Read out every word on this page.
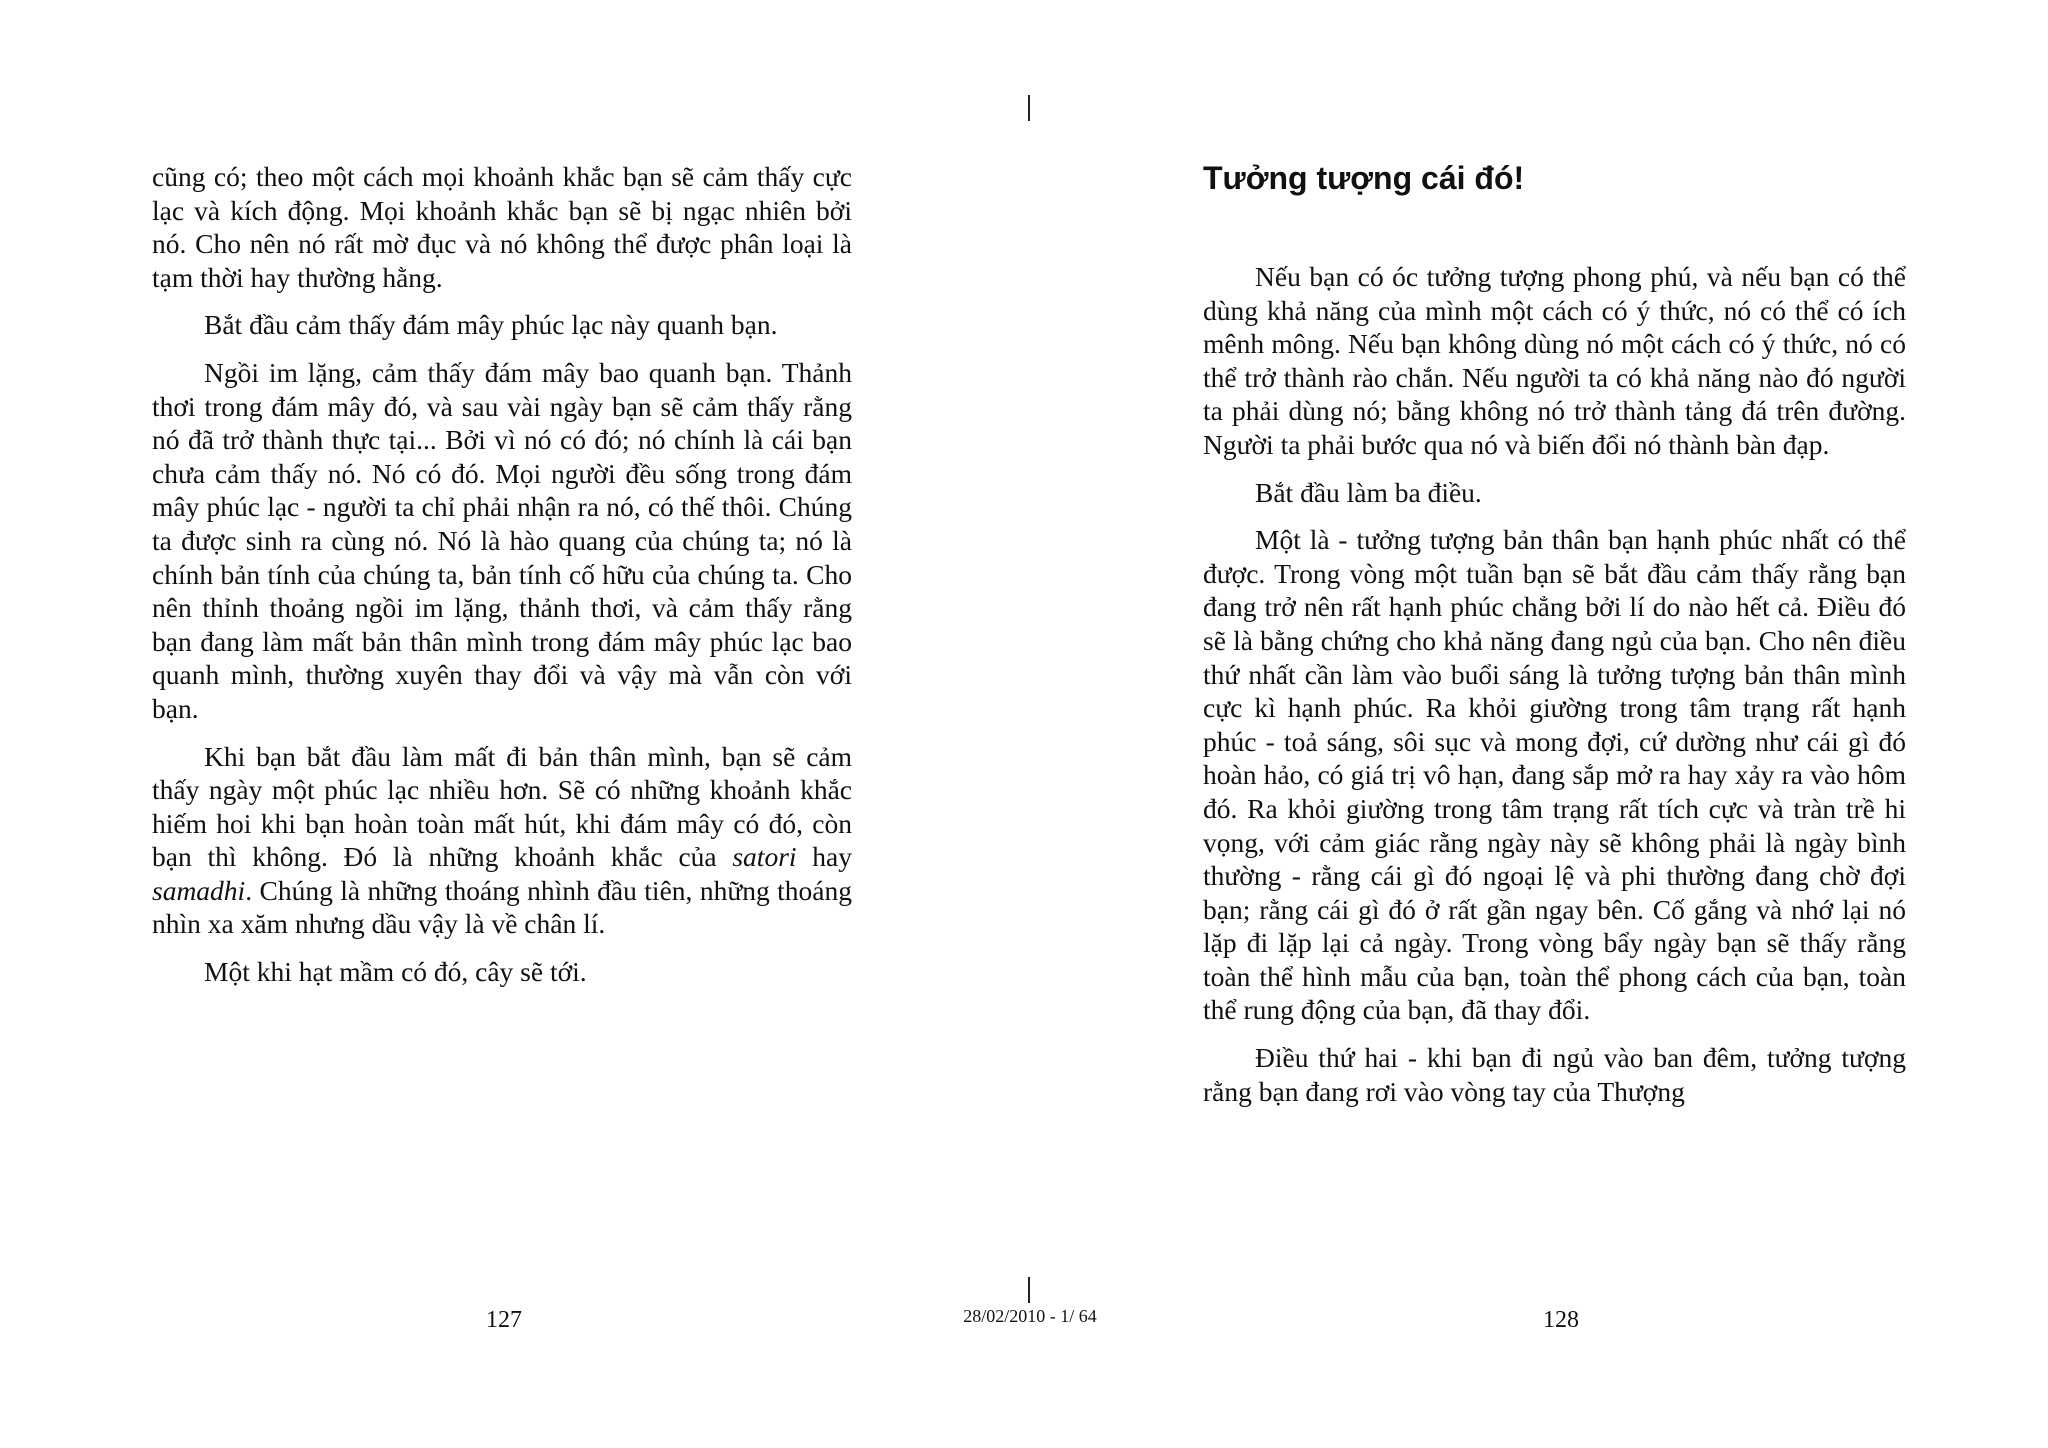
cũng có; theo một cách mọi khoảnh khắc bạn sẽ cảm thấy cực lạc và kích động. Mọi khoảnh khắc bạn sẽ bị ngạc nhiên bởi nó. Cho nên nó rất mờ đục và nó không thể được phân loại là tạm thời hay thường hằng.

Bắt đầu cảm thấy đám mây phúc lạc này quanh bạn.

Ngồi im lặng, cảm thấy đám mây bao quanh bạn. Thảnh thơi trong đám mây đó, và sau vài ngày bạn sẽ cảm thấy rằng nó đã trở thành thực tại... Bởi vì nó có đó; nó chính là cái bạn chưa cảm thấy nó. Nó có đó. Mọi người đều sống trong đám mây phúc lạc - người ta chỉ phải nhận ra nó, có thế thôi. Chúng ta được sinh ra cùng nó. Nó là hào quang của chúng ta; nó là chính bản tính của chúng ta, bản tính cố hữu của chúng ta. Cho nên thỉnh thoảng ngồi im lặng, thảnh thơi, và cảm thấy rằng bạn đang làm mất bản thân mình trong đám mây phúc lạc bao quanh mình, thường xuyên thay đổi và vậy mà vẫn còn với bạn.

Khi bạn bắt đầu làm mất đi bản thân mình, bạn sẽ cảm thấy ngày một phúc lạc nhiều hơn. Sẽ có những khoảnh khắc hiếm hoi khi bạn hoàn toàn mất hút, khi đám mây có đó, còn bạn thì không. Đó là những khoảnh khắc của satori hay samadhi. Chúng là những thoáng nhình đầu tiên, những thoáng nhìn xa xăm nhưng dầu vậy là về chân lí.

Một khi hạt mầm có đó, cây sẽ tới.

127
Tưởng tượng cái đó!

Nếu bạn có óc tưởng tượng phong phú, và nếu bạn có thể dùng khả năng của mình một cách có ý thức, nó có thể có ích mênh mông. Nếu bạn không dùng nó một cách có ý thức, nó có thể trở thành rào chắn. Nếu người ta có khả năng nào đó người ta phải dùng nó; bằng không nó trở thành tảng đá trên đường. Người ta phải bước qua nó và biến đổi nó thành bàn đạp.

Bắt đầu làm ba điều.

Một là - tưởng tượng bản thân bạn hạnh phúc nhất có thể được. Trong vòng một tuần bạn sẽ bắt đầu cảm thấy rằng bạn đang trở nên rất hạnh phúc chẳng bởi lí do nào hết cả. Điều đó sẽ là bằng chứng cho khả năng đang ngủ của bạn. Cho nên điều thứ nhất cần làm vào buổi sáng là tưởng tượng bản thân mình cực kì hạnh phúc. Ra khỏi giường trong tâm trạng rất hạnh phúc - toả sáng, sôi sục và mong đợi, cứ dường như cái gì đó hoàn hảo, có giá trị vô hạn, đang sắp mở ra hay xảy ra vào hôm đó. Ra khỏi giường trong tâm trạng rất tích cực và tràn trề hi vọng, với cảm giác rằng ngày này sẽ không phải là ngày bình thường - rằng cái gì đó ngoại lệ và phi thường đang chờ đợi bạn; rằng cái gì đó ở rất gần ngay bên. Cố gắng và nhớ lại nó lặp đi lặp lại cả ngày. Trong vòng bẩy ngày bạn sẽ thấy rằng toàn thể hình mẫu của bạn, toàn thể phong cách của bạn, toàn thể rung động của bạn, đã thay đổi.

Điều thứ hai - khi bạn đi ngủ vào ban đêm, tưởng tượng rằng bạn đang rơi vào vòng tay của Thượng

128
28/02/2010 - 1/ 64
